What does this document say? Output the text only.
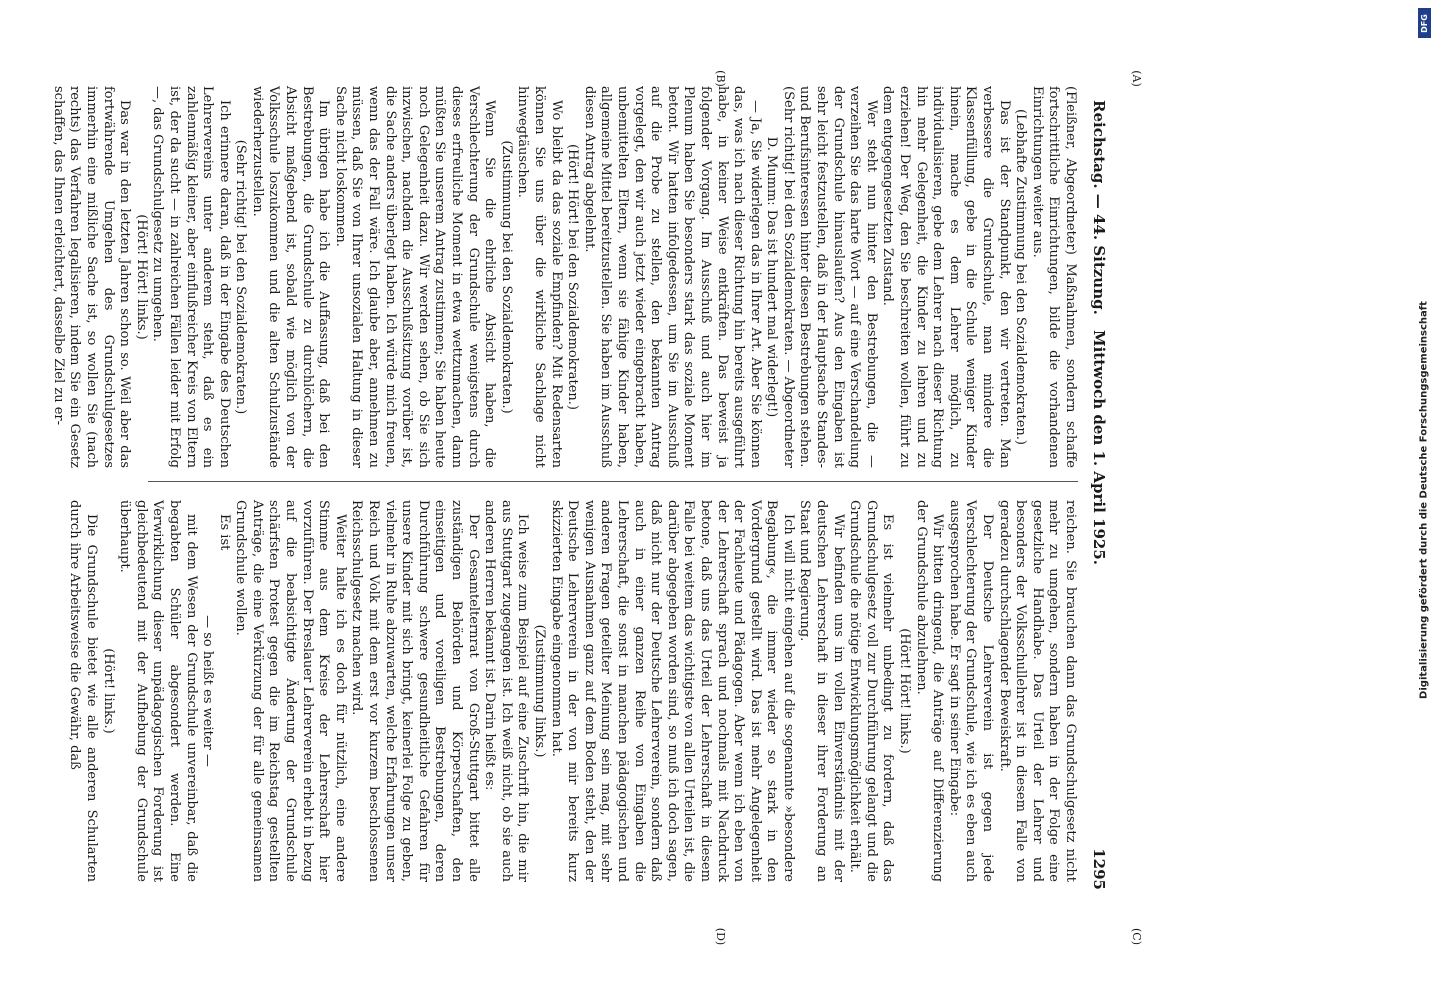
Reichstag. — 44. Sitzung.
1295

(Fleißner, Abgeordneter) Maßnahmen, sondern schaffe fortschrittliche Einrichtungen, bilde die vorhandenen Einrichtungen weiter aus.

(Lebhafte Zustimmung bei den Sozialdemokraten.)

Das ist der Standpunkt, den wir vertreten. Man verbessere die Grundschule, man mindere die Klassenfüllung, gebe in die Schule weniger Kinder hinein, mache es dem Lehrer möglich, zu individualisieren, gebe dem Lehrer nach dieser Richtung hin mehr Gelegenheit, die Kinder zu lehren und zu erziehen! Der Weg, den Sie beschreiten wollen, führt zu dem entgegengesetzten Zustand.

Wer steht nun hinter den Bestrebungen, die — verzeihen Sie das harte Wort — auf eine Verschandelung der Grundschule hinauslaufen? Aus den Eingaben ist sehr leicht festzustellen, daß in der Hauptsache Standes- und Berufsinteressen hinter diesen Bestrebungen stehen.

(Sehr richtig! bei den Sozialdemokraten. — Abgeordneter D. Mumm: Das ist hundert mal widerlegt!)

— Ja, Sie widerlegen das in Ihrer Art. Aber Sie können das, was ich nach dieser Richtung hin bereits ausgeführt habe, in keiner Weise entkräften. Das beweist ja folgender Vorgang. Im Ausschuß und auch hier im Plenum haben Sie besonders stark das soziale Moment betont. Wir hatten infolgedessen, um Sie im Ausschuß auf die Probe zu stellen, den bekannten Antrag vorgelegt, den wir auch jetzt wieder eingebracht haben, unbemittelten Eltern, wenn sie fähige Kinder haben, allgemeine Mittel bereitzustellen. Sie haben im Ausschuß diesen Antrag abgelehnt.

(Hört! Hört! bei den Sozialdemokraten.)

Wo bleibt da das soziale Empfinden? Mit Redensarten können Sie uns über die wirkliche Sachlage nicht hinwegtäuschen.

(Zustimmung bei den Sozialdemokraten.)

Wenn Sie die ehrliche Absicht haben, die Verschlechterung der Grundschule wenigstens durch dieses erfreuliche Moment in etwa wettzumachen, dann müßten Sie unserem Antrag zustimmen; Sie haben heute noch Gelegenheit dazu. Wir werden sehen, ob Sie sich inzwischen, nachdem die Ausschußsitzung vorüber ist, die Sache anders überlegt haben. Ich würde mich freuen, wenn das der Fall wäre. Ich glaube aber, annehmen zu müssen, daß Sie von Ihrer unsozialen Haltung in dieser Sache nicht loskommen.

Im übrigen habe ich die Auffassung, daß bei den Bestrebungen, die Grundschule zu durchlöchern, die Absicht maßgebend ist, sobald wie möglich von der Volksschule loszukommen und die alten Schulzustände wiederherzustellen.

(Sehr richtig! bei den Sozialdemokraten.)

Ich erinnere daran, daß in der Eingabe des Deutschen Lehrervereins unter anderem steht, daß es ein zahlenmäßig kleiner, aber einflußreicher Kreis von Eltern ist, der da sucht — in zahlreichen Fällen leider mit Erfolg —, das Grundschulgesetz zu umgehen.

(Hört! Hört! links.)

Das war in den letzten Jahren schon so. Weil aber das fortwährende Umgehen des Grundschulgesetzes immerhin eine mißliche Sache ist, so wollen Sie (nach rechts) das Verfahren legalisieren, indem Sie ein Gesetz schaffen, das Ihnen erleichtert, dasselbe Ziel zu er-

reichen. Sie brauchen dann das Grundschulgesetz nicht mehr zu umgehen, sondern haben in der Folge eine gesetzliche Handhabe. Das Urteil der Lehrer und besonders der Volksschullehrer ist in diesem Falle von geradezu durchschlagender Beweiskraft.

Der Deutsche Lehrerverein ist gegen jede Verschlechterung der Grundschule, wie ich es eben auch ausgesprochen habe. Er sagt in seiner Eingabe:

Wir bitten dringend, die Anträge auf Differenzierung der Grundschule abzulehnen.

(Hört! Hört! links.)

Es ist vielmehr unbedingt zu fordern, daß das Grundschulgesetz voll zur Durchführung gelangt und die Grundschule die nötige Entwicklungsmöglichkeit erhält.

Wir befinden uns im vollen Einverständnis mit der deutschen Lehrerschaft in dieser ihrer Forderung an Staat und Regierung.

Ich will nicht eingehen auf die sogenannte »besondere Begabung«, die immer wieder so stark in den Vordergrund gestellt wird. Das ist mehr Angelegenheit der Fachleute und Pädagogen. Aber wenn ich eben von der Lehrerschaft sprach und nochmals mit Nachdruck betone, daß uns das Urteil der Lehrerschaft in diesem Falle bei weitem das wichtigste von allen Urteilen ist, die darüber abgegeben worden sind, so muß ich doch sagen, daß nicht nur der Deutsche Lehrerverein, sondern daß auch in einer ganzen Reihe von Eingaben die Lehrerschaft, die sonst in manchen pädagogischen und anderen Fragen geteilter Meinung sein mag, mit sehr wenigen Ausnahmen ganz auf dem Boden steht, den der Deutsche Lehrerverein in der von mir bereits kurz skizzierten Eingabe eingenommen hat.

(Zustimmung links.)

Ich weise zum Beispiel auf eine Zuschrift hin, die mir aus Stuttgart zugegangen ist. Ich weiß nicht, ob sie auch anderen Herren bekannt ist. Darin heißt es:

Der Gesamtelternrat von Groß-Stuttgart bittet alle zuständigen Behörden und Körperschaften, den einseitigen und voreiligen Bestrebungen, deren Durchführung schwere gesundheitliche Gefahren für unsere Kinder mit sich bringt, keinerlei Folge zu geben, vielmehr in Ruhe abzuwarten, welche Erfahrungen unser Reich und Volk mit dem erst vor kurzem beschlossenen Reichsschulgesetz machen wird.

Weiter halte ich es doch für nützlich, eine andere Stimme aus dem Kreise der Lehrerschaft hier vorzuführen. Der Breslauer Lehrerverein erhebt in bezug auf die beabsichtigte Änderung der Grundschule schärfsten Protest gegen die im Reichstag gestellten Anträge, die eine Verkürzung der für alle gemeinsamen Grundschule wollen.

Es ist

— so heißt es weiter —

mit dem Wesen der Grundschule unvereinbar, daß die begabten Schüler abgesondert werden. Eine Verwirklichung dieser unpädagogischen Forderung ist gleichbedeutend mit der Aufhebung der Grundschule überhaupt.

(Hört! links.)

Die Grundschule bietet wie alle anderen Schularten durch ihre Arbeitsweise die Gewähr, daß

Mittwoch den 1. April 1925.
(A)
(B)
(C)
(D)
DFG
Digitalisierung gefördert durch die Deutsche Forschungsgemeinschaft
